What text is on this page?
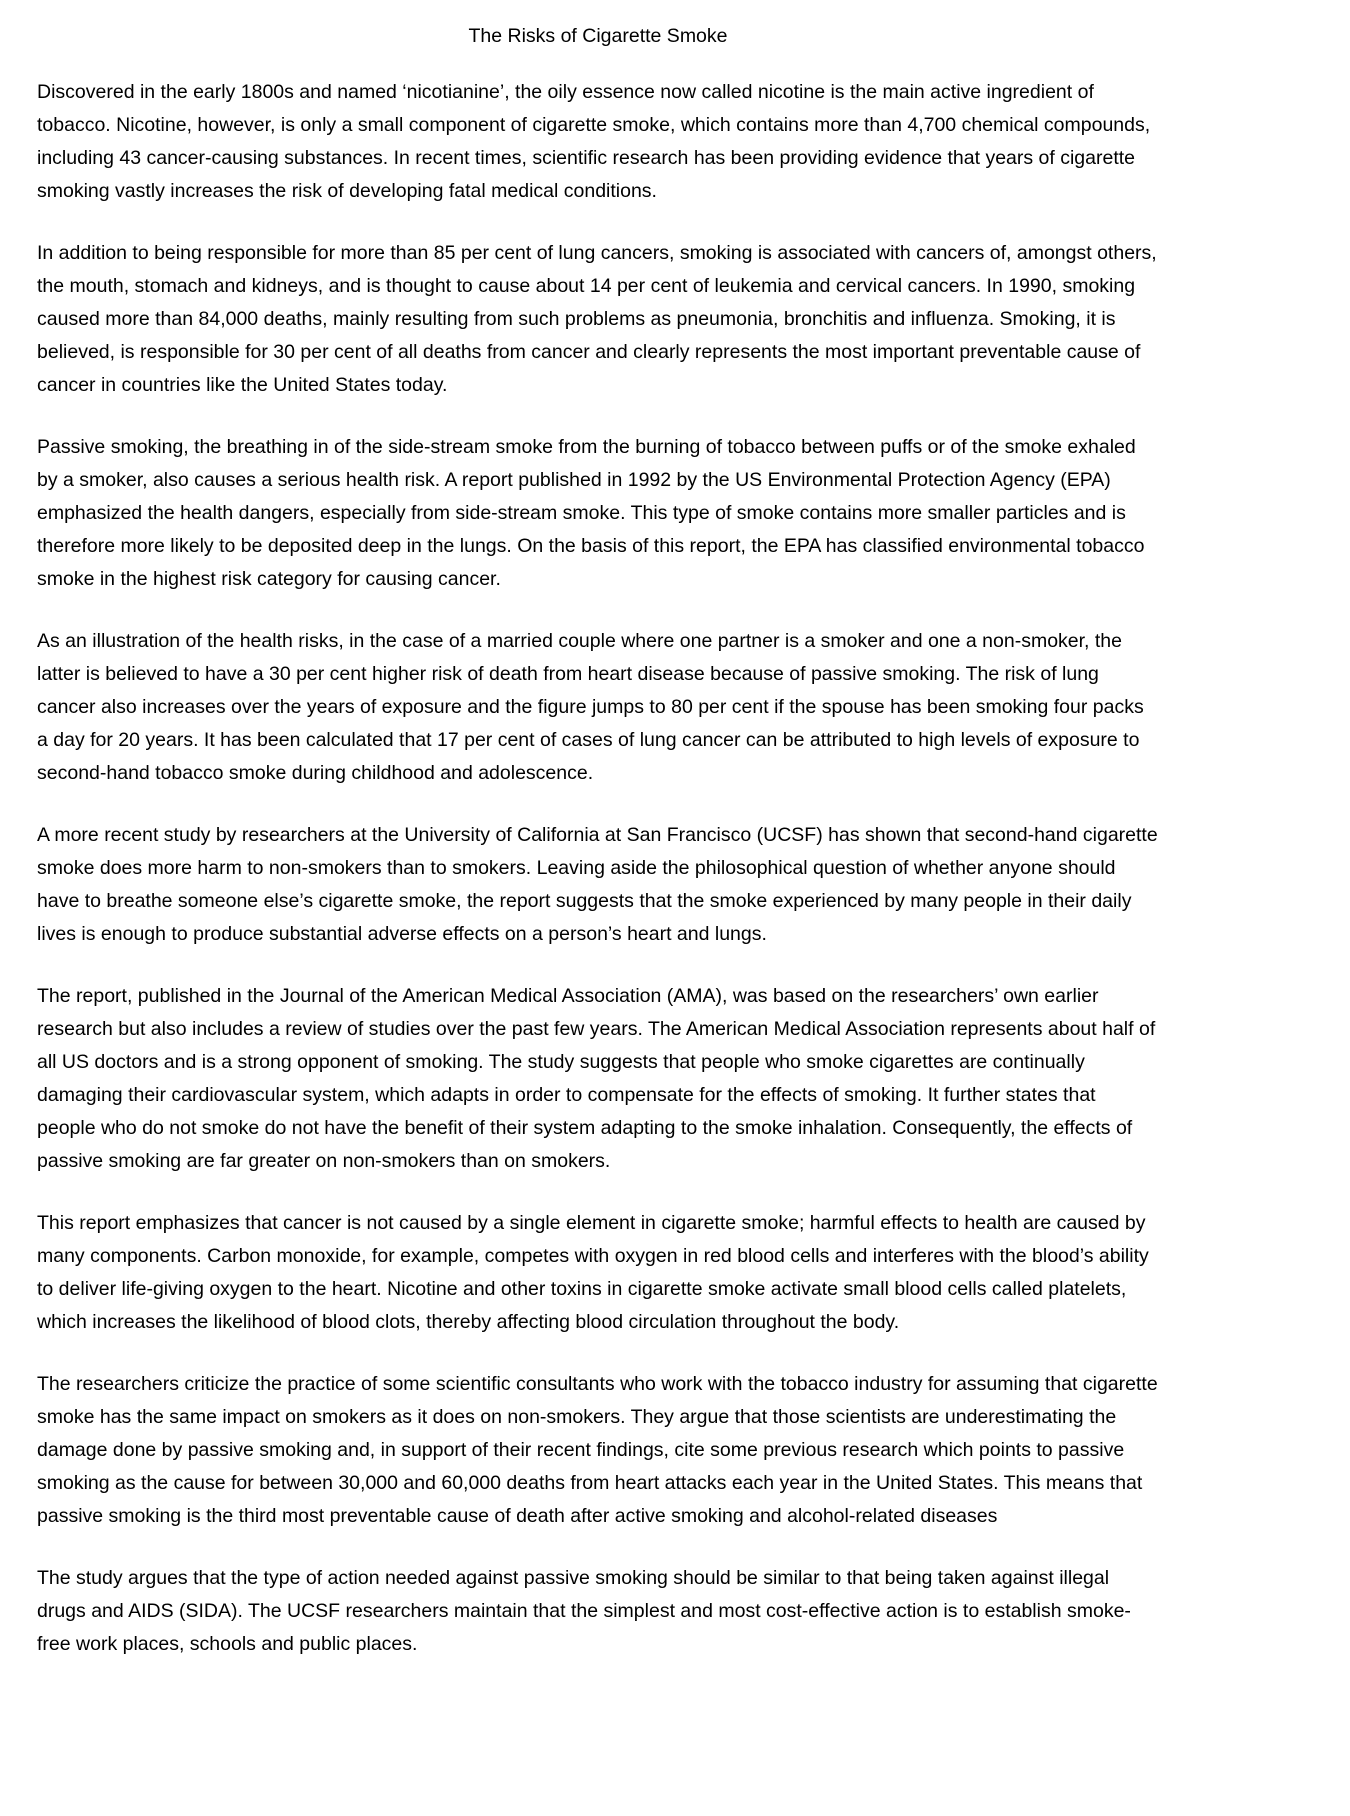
The Risks of Cigarette Smoke

Discovered in the early 1800s and named ‘nicotianine’, the oily essence now called nicotine is the main active ingredient of tobacco. Nicotine, however, is only a small component of cigarette smoke, which contains more than 4,700 chemical compounds, including 43 cancer-causing substances. In recent times, scientific research has been providing evidence that years of cigarette smoking vastly increases the risk of developing fatal medical conditions.

In addition to being responsible for more than 85 per cent of lung cancers, smoking is associated with cancers of, amongst others, the mouth, stomach and kidneys, and is thought to cause about 14 per cent of leukemia and cervical cancers. In 1990, smoking caused more than 84,000 deaths, mainly resulting from such problems as pneumonia, bronchitis and influenza. Smoking, it is believed, is responsible for 30 per cent of all deaths from cancer and clearly represents the most important preventable cause of cancer in countries like the United States today.

Passive smoking, the breathing in of the side-stream smoke from the burning of tobacco between puffs or of the smoke exhaled by a smoker, also causes a serious health risk. A report published in 1992 by the US Environmental Protection Agency (EPA) emphasized the health dangers, especially from side-stream smoke. This type of smoke contains more smaller particles and is therefore more likely to be deposited deep in the lungs. On the basis of this report, the EPA has classified environmental tobacco smoke in the highest risk category for causing cancer.

As an illustration of the health risks, in the case of a married couple where one partner is a smoker and one a non-smoker, the latter is believed to have a 30 per cent higher risk of death from heart disease because of passive smoking. The risk of lung cancer also increases over the years of exposure and the figure jumps to 80 per cent if the spouse has been smoking four packs a day for 20 years. It has been calculated that 17 per cent of cases of lung cancer can be attributed to high levels of exposure to second-hand tobacco smoke during childhood and adolescence.

A more recent study by researchers at the University of California at San Francisco (UCSF) has shown that second-hand cigarette smoke does more harm to non-smokers than to smokers. Leaving aside the philosophical question of whether anyone should have to breathe someone else’s cigarette smoke, the report suggests that the smoke experienced by many people in their daily lives is enough to produce substantial adverse effects on a person’s heart and lungs.

The report, published in the Journal of the American Medical Association (AMA), was based on the researchers’ own earlier research but also includes a review of studies over the past few years. The American Medical Association represents about half of all US doctors and is a strong opponent of smoking. The study suggests that people who smoke cigarettes are continually damaging their cardiovascular system, which adapts in order to compensate for the effects of smoking. It further states that people who do not smoke do not have the benefit of their system adapting to the smoke inhalation. Consequently, the effects of passive smoking are far greater on non-smokers than on smokers.

This report emphasizes that cancer is not caused by a single element in cigarette smoke; harmful effects to health are caused by many components. Carbon monoxide, for example, competes with oxygen in red blood cells and interferes with the blood’s ability to deliver life-giving oxygen to the heart. Nicotine and other toxins in cigarette smoke activate small blood cells called platelets, which increases the likelihood of blood clots, thereby affecting blood circulation throughout the body.

The researchers criticize the practice of some scientific consultants who work with the tobacco industry for assuming that cigarette smoke has the same impact on smokers as it does on non-smokers. They argue that those scientists are underestimating the damage done by passive smoking and, in support of their recent findings, cite some previous research which points to passive smoking as the cause for between 30,000 and 60,000 deaths from heart attacks each year in the United States. This means that passive smoking is the third most preventable cause of death after active smoking and alcohol-related diseases

The study argues that the type of action needed against passive smoking should be similar to that being taken against illegal drugs and AIDS (SIDA). The UCSF researchers maintain that the simplest and most cost-effective action is to establish smoke-free work places, schools and public places.
